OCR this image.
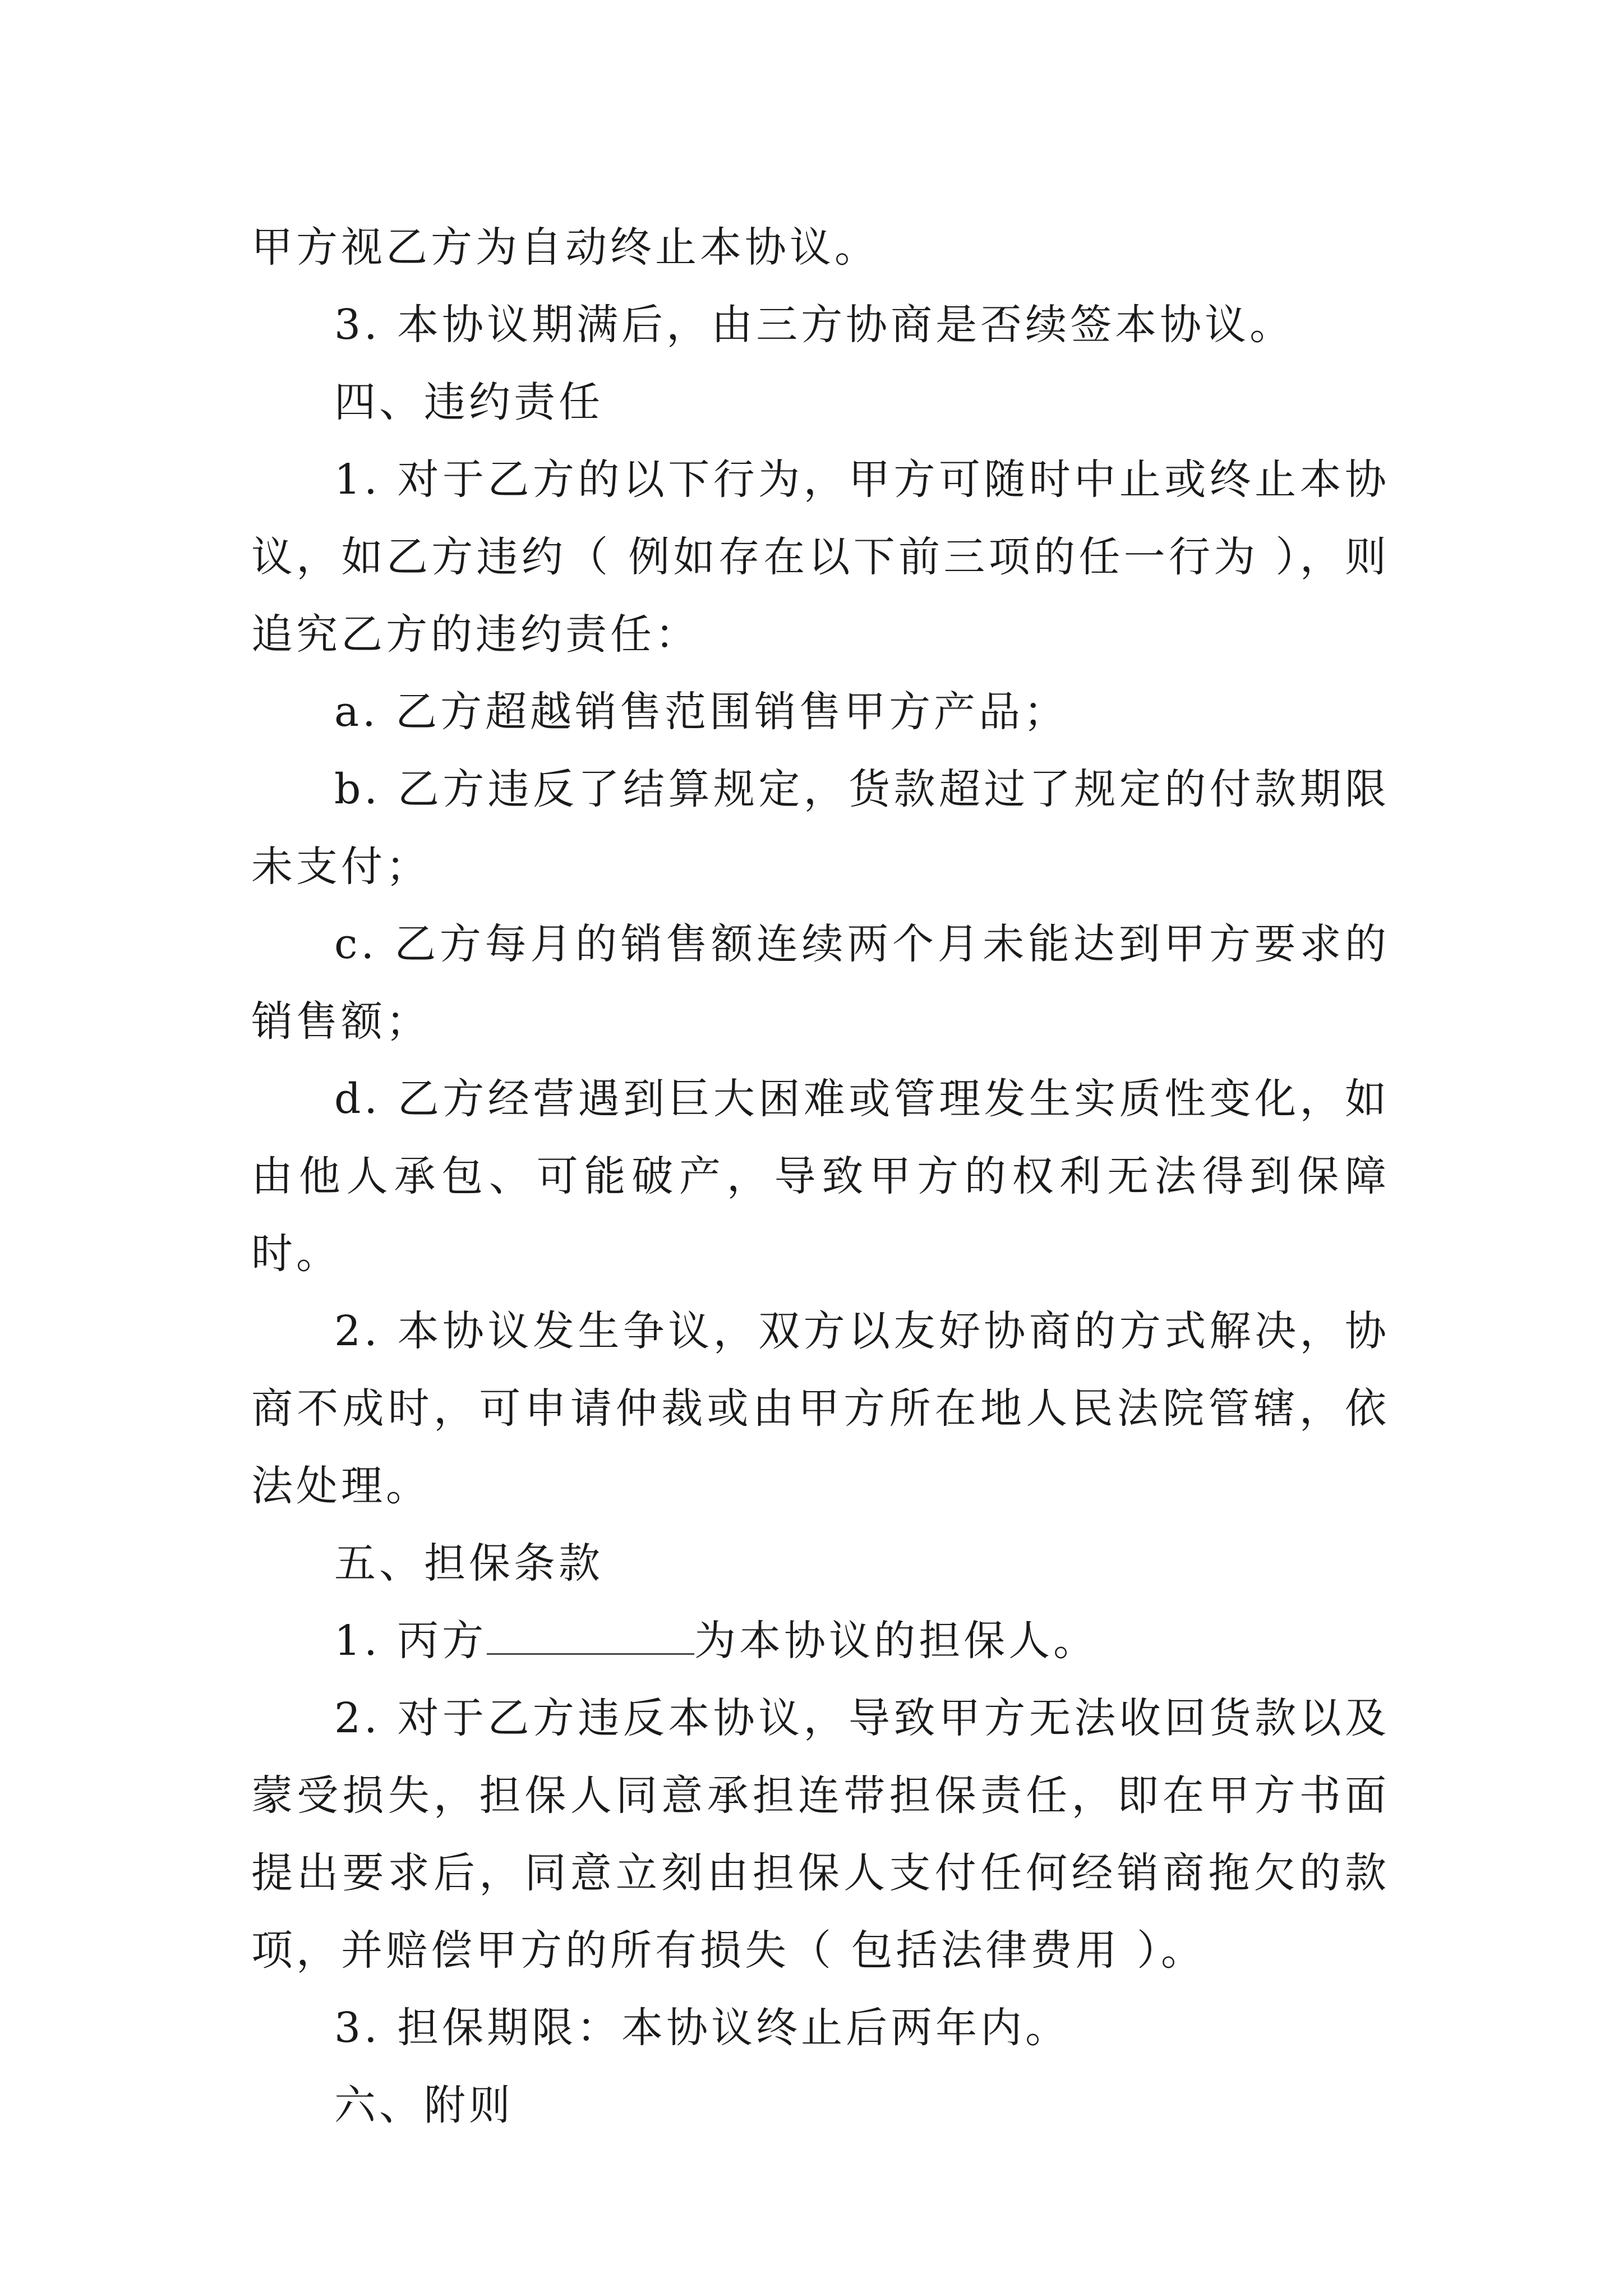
甲方视乙方为自动终止本协议。

3. 本协议期满后，由三方协商是否续签本协议。

四、违约责任

1. 对于乙方的以下行为，甲方可随时中止或终止本协议，如乙方违约（ 例如存在以下前三项的任一行为 ），则追究乙方的违约责任：

a. 乙方超越销售范围销售甲方产品；

b. 乙方违反了结算规定，货款超过了规定的付款期限未支付；

c. 乙方每月的销售额连续两个月未能达到甲方要求的销售额；

d. 乙方经营遇到巨大困难或管理发生实质性变化，如由他人承包、可能破产，导致甲方的权利无法得到保障时。

2. 本协议发生争议，双方以友好协商的方式解决，协商不成时，可申请仲裁或由甲方所在地人民法院管辖，依法处理。

五、担保条款

1. 丙方	为本协议的担保人。

2. 对于乙方违反本协议，导致甲方无法收回货款以及蒙受损失，担保人同意承担连带担保责任，即在甲方书面提出要求后，同意立刻由担保人支付任何经销商拖欠的款项，并赔偿甲方的所有损失（ 包括法律费用 ）。

3. 担保期限：本协议终止后两年内。

六、附则
